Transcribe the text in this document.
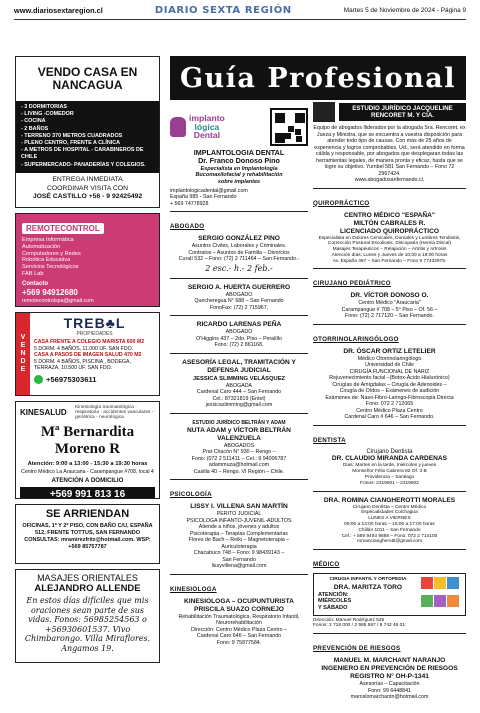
www.diariosextaregion.cl	DIARIO SEXTA REGIÓN	Martes 5 de Noviembre de 2024 - Página 9
VENDO CASA EN NANCAGUA
- 3 DORMITORIAS
- LIVING -COMEDOR
- COCINA
- 2 BAÑOS
- TERRENO 370 METROS CUADRADOS
- PLENO CENTRO, FRENTE A CLÍNICA
- A METROS DE HOSPITAL - CARABINEROS DE CHILE
- SUPERMERCADO- PANADERÍAS Y COLEGIOS.
ENTREGA INMEDIATA
COORDINAR VISITA CON
JOSÉ CASTILLO +56 - 9 92425492
REMOTECONTROL
Empresa Informática
Automatización
Computadores y Redes
Robótica Educativa
Servicios Tecnológicos
FAB Lab
Contacto
+569 94912680
remotecontrolspa@gmail.com
V
E
N
D
E
TREB♣L
PROPIEDADES

CASA FRENTE A COLEGIO MARISTA 600 M2
5 DORM. 4 BAÑOS, 11.000 UF. SAN FDO.

CASA A PASOS DE IMAGEN SALUD 470 M2
5 DORM. 4 BAÑOS, PISCINA , BODEGA,
TERRAZA, 10.500 UF. SAN FDO.

+56975303611
KINESALUD
Kinesiología traumatológica - respiratoria - accidentes vasculares - geriátrica - neurológica
Mª Bernardita Moreno R
Atención: 9:00 a 13:00 - 15:30 a 19:30 horas
Centro Médico La Araucaria - Carampangue #708, local 4
ATENCIÓN A DOMICILIO
+569 991 813 16
SE ARRIENDAN
OFICINAS, 1º Y 2º PISO, CON BAÑO C/U, ESPAÑA 512, FRENTE TOTTUS, SAN FERNANDO CONSULTAS: mramirezfritz@hotmail.com. WSP: +569 85757787
MASAJES ORIENTALES
ALEJANDRO ALLENDE
En estos días difíciles que mis oraciones sean parte de sus vidas. Fonos: 56985254563 o +56930601537. Vivo Chimbarongo. Villa Miraflores. Angamos 19.
Guía Profesional
implanto
lógica
Dental
IMPLANTOLOGIA DENTAL
Dr. Franco Donoso Pino
Especialista en Implantología
Bucomaxilofacial y rehabilitación
sobre implantes
implantologicadental@gmail.com
España 985 - San Fernando
+ 569 74778928
ABOGADO
SERGIO GONZÁLEZ PINO
Asuntos Civiles, Laborales y Criminales.
Contratos – Asuntos de Familia – Divorcios
Curalí 532 – Fono: (72) 2 711464 – San Fernando.-
2 esc.- h.- 2 feb.-
SERGIO A. HUERTA GUERRERO
ABOGADO
Quecheregua N° 688 – San Fernando
FonoFax: (72) 2 715967.
RICARDO LARENAS PEÑA
ABOGADO
O'Higgins 437 – 2do. Piso – Peralillo
Fono: (72) 2 861168.
ASESORÍA LEGAL, TRAMITACIÓN Y DEFENSA JUDICIAL
JESSICA SLIMMING VELÁSQUEZ
ABOGADA
Cardenal Caro 444 – San Fernando
Cel.: 87321819 (Entel)
jessicaslimming@gmail.com
ESTUDIO JURÍDICO BELTRÁN Y ADAM
NUTA ADAM y VÍCTOR BELTRÁN VALENZUELA
ABOGADOS
Prat Chacón N° 930 – Rengo –
Fono: (072 2 511411 – Cel.: 9 94006787
adammuza@hotmail.com
Casilla 40 – Rengo. VI Región – Chile.
PSICOLOGÍA
LISSY I. VILLENA SAN MARTÍN
PERITO JUDICIAL
PSICOLOGA INFANTO-JUVENIL-ADULTOS
Atiende a niños, jóvenes y adultos
Psicoterapia – Terapias Complementarias
Flores de Bach – Reiki – Magnetoterapia –
Auriculoterapia
Chacabuco 748 – Fono: 9 98439143 –
San Fernando
lissyvillena@gmail.com
KINESIOLOGA
KINESIOLOGA – OCUPUNTURISTA
PRISCILA SUAZO CORNEJO
Rehabilitación Traumatológica, Respiratorio Infantil, Neurorehabilitación
Dirección: Centro Médico Plaza Centro –
Cardenal Caro 646 – San Fernando
Fono: 9 75877584.
ESTUDIO JURÍDICO JACQUELINE RENCORET M. Y CÍA.
Equipo de abogados lliderados por la abogada Sra. Rencoret, ex Jueza y Ministra, que se encuentra a vuestra disposición para atender todo tipo de causas. Con más de 25 años de experiencia y logros comprobables, Ud., será atendido en forma cálida y responsable, por abogados que desplegaran todas las herramientas legales, de manera pronta y eficaz, hasta que se logre su objetivo. Yumbel 581 San Fernando – Fono 72 2967424.
www.abogadosanfernando.cl.
QUIROPRÁCTICO
CENTRO MÉDICO "ESPAÑA"
MILTÓN CABRALES R.
LICENCIADO QUIROPRÁCTICO
Especialista en Dolores Cervicales, Dorsales y Lumbres Tendinitis, Corrección Postural Escoliosis, Discopatía (Hernia Discal)
Masajes Terapéuticos – Relajación – Artritis y Artrosis
Atención días: Lunes y Jueves de 10:00 a 18:00 horas
Av. España 467 – San Fernando – Fono 9 77432979.
CIRUJANO PEDIÁTRICO
DR. VÍCTOR DONOSO O.
Centro Médico "Araucaria"
Carampangue # 708 – 5° Piso – Of. 56 –
Fono: (72) 2 717120 – San Fernando.
OTORRINOLARINGÓLOGO
DR. ÓSCAR ORTIZ LETELIER
Médico Otorrinolaringólogo
Universidad de Chile
CIRUGÍA FUNCIONAL DE NARIZ
Rejuvenecimiento facial –(Botox-Ácido Hialurónico)
Cirugías de Amígdalas – Cirugía de Adenoides –
Cirugía de Oídos – Exámenes de audición
Exámenes de: Naso-Fibro-Laringo-Fibroscopia Directa
Fono: 072 2 712065
Centro Médico Plaza Centro
Cardenal Caro # 646 – San Fernando.
DENTISTA
Cirujano Dentista
DR. CLAUDIO MIRANDA CARDENAS
Días: Martes en la tarde, miércoles y jueves
Monseñor Félix Cabrera 82 Of. 3 B
Providencia – Santiago
Fonos: 2319601 – 2319602
DRA. ROMINA CIANGHEROTTI MORALES
Cirujano Dentista – Centro Médico
Especialidades Colchagua
LUNES A VIERNES
09:00 a 13:00 horas – 16:00 a 17:00 horas
Chillán 1011 – San Fernando
Cel.: + 569 9493 9888 – Fono: 072 2 714100
romanciangherotti@gmail.com
MÉDICO
CIRUGIA INFANTIL Y ORTOPEDIA
DRA. MARITZA TORO
ATENCIÓN:
MIÉRCOLES
Y SÁBADO
Dirección: Manuel Rodríguez 525
Fonos: 2 718 000 / 2 585 597 / 9 742 46 01.
PREVENCIÓN DE RIESGOS
MANUEL M. MARCHANT NARANJO
INGENIERO EN PREVENCIÓN DE RIESGOS
REGISTRO N° OH-P-1341
Asesorías – Capacitación
Fono: 99 6448841
marcelomarchantn@hotmail.com
